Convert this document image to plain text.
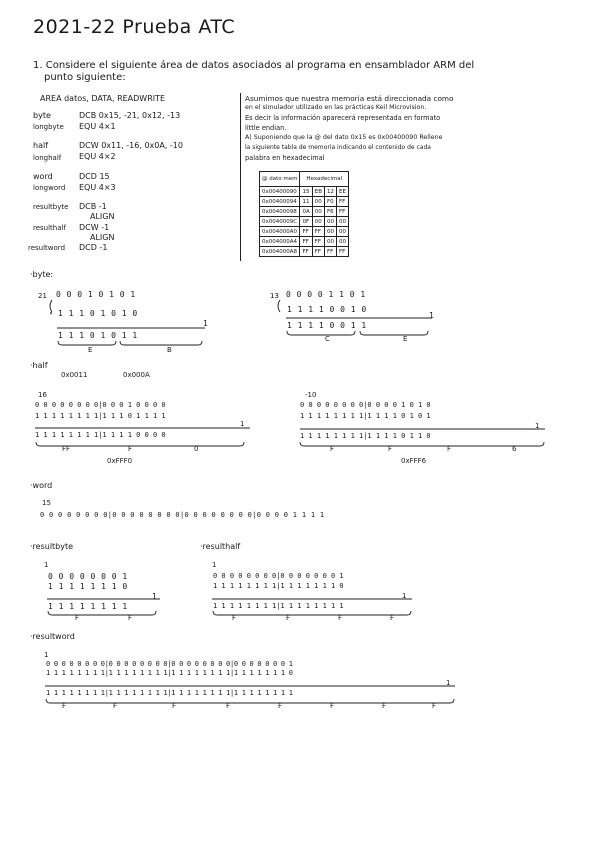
2021-22 Prueba ATC
1. Considere el siguiente área de datos asociados al programa en ensamblador ARM del
punto siguiente:
AREA datos, DATA, READWRITE
byte	DCB 0x15, -21, 0x12, -13
longbyte EQU 4×1
half	DCW 0x11, -16, 0x0A, -10
longhalf EQU 4×2
word	DCD 15
longword EQU 4×3
resultbyte DCB -1
ALIGN
resulthalf DCW -1
ALIGN
resultword DCD -1
Asumimos que nuestra memoria está direccionada como
en el simulador utilizado en las prácticas Keil Microvision.
Es decir la información aparecerá representada en formato
little endian.
A) Suponiendo que la @ del dato 0x15 es 0x00400090 Rellene
la siguiente tabla de memoria indicando el contenido de cada
palabra en hexadecimal
@ dato mem	Hexadecimal			
0x00400090	15	EB	12	EE
0x00400094	11	00	F0	FF
0x00400098	0A	00	F6	FF
0x0040009C	0F	00	00	00
0x004000A0	FF	FF	00	00
0x004000A4	FF	FF	00	00
0x004000A8	FF	FF	FF	FF
·byte:
21 0 0 0 1 0 1 0 1
1 1 1 0 1 0 1 0
1
1 1 1 0 1 0 1 1
E	B
13 0 0 0 0 1 1 0 1
1 1 1 1 0 0 1 0
1
1 1 1 1 0 0 1 1
C	E
·half
0x0011	0x000A
16
0 0 0 0 0 0 0 0|0 0 0 1 0 0 0 0
1 1 1 1 1 1 1 1|1 1 1 0 1 1 1 1
1
1 1 1 1 1 1 1 1|1 1 1 1 0 0 0 0
FF	F	0
0xFFF0
-10
0 0 0 0 0 0 0 0|0 0 0 0 1 0 1 0
1 1 1 1 1 1 1 1|1 1 1 1 0 1 0 1
1
1 1 1 1 1 1 1 1|1 1 1 1 0 1 1 0
F	F	F	6
0xFFF6
·word
15
0 0 0 0 0 0 0 0|0 0 0 0 0 0 0 0|0 0 0 0 0 0 0 0|0 0 0 0 1 1 1 1
·resultbyte
1
0 0 0 0 0 0 0 1
1 1 1 1 1 1 1 0
1
1 1 1 1 1 1 1 1
F	F
·resulthalf
1
0 0 0 0 0 0 0 0|0 0 0 0 0 0 0 1
1 1 1 1 1 1 1 1|1 1 1 1 1 1 1 0
1
1 1 1 1 1 1 1 1|1 1 1 1 1 1 1 1
F	F	F	F
·resultword
1
0 0 0 0 0 0 0 0|0 0 0 0 0 0 0 0|0 0 0 0 0 0 0 0|0 0 0 0 0 0 0 1
1 1 1 1 1 1 1 1|1 1 1 1 1 1 1 1|1 1 1 1 1 1 1 1|1 1 1 1 1 1 1 0
1
1 1 1 1 1 1 1 1|1 1 1 1 1 1 1 1|1 1 1 1 1 1 1 1|1 1 1 1 1 1 1 1
F	F	F	F	F	F	F	F
